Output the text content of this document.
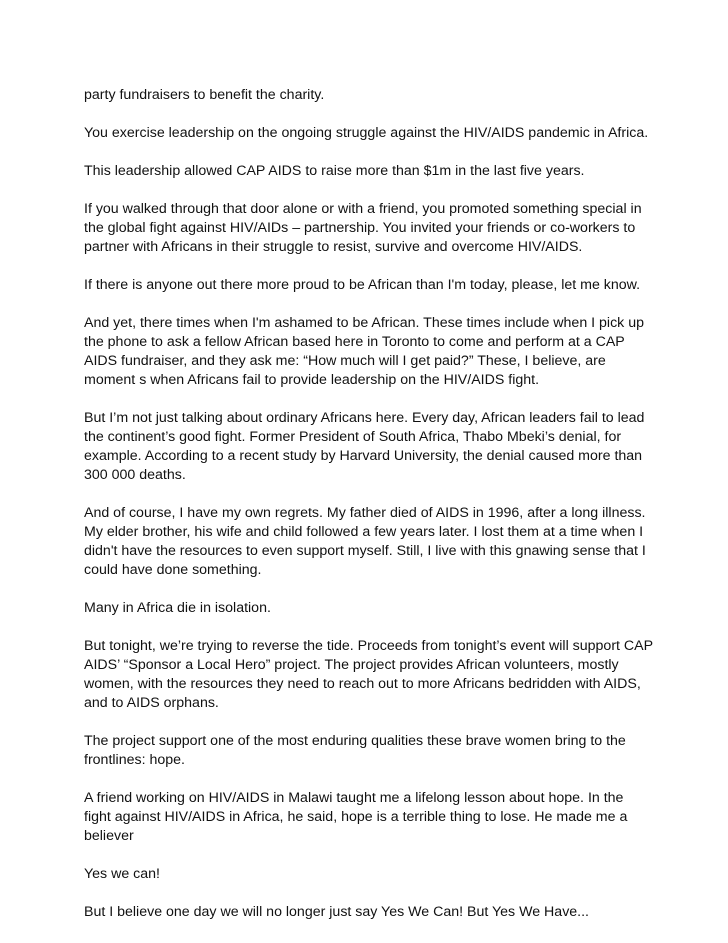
party fundraisers to benefit the charity.

You exercise leadership on the ongoing struggle against the HIV/AIDS pandemic in Africa.

This leadership allowed CAP AIDS to raise more than $1m in the last five years.

If you walked through that door alone or with a friend, you promoted something special in the global fight against HIV/AIDs – partnership. You invited your friends or co-workers to partner with Africans in their struggle to resist, survive and overcome HIV/AIDS.

If there is anyone out there more proud to be African than I'm today, please, let me know.

And yet, there times when I'm ashamed to be African. These times include when I pick up the phone to ask a fellow African based here in Toronto to come and perform at a CAP AIDS fundraiser, and they ask me: “How much will I get paid?” These, I believe, are moment s when Africans fail to provide leadership on the HIV/AIDS fight.

But I’m not just talking about ordinary Africans here. Every day, African leaders fail to lead the continent’s good fight. Former President of South Africa, Thabo Mbeki’s denial, for example. According to a recent study by Harvard University, the denial caused more than 300 000 deaths.

And of course, I have my own regrets. My father died of AIDS in 1996, after a long illness. My elder brother, his wife and child followed a few years later. I lost them at a time when I didn't have the resources to even support myself. Still, I live with this gnawing sense that I could have done something.

Many in Africa die in isolation.

But tonight, we’re trying to reverse the tide. Proceeds from tonight’s event will support CAP AIDS’ “Sponsor a Local Hero” project. The project provides African volunteers, mostly women, with the resources they need to reach out to more Africans bedridden with AIDS, and to AIDS orphans.

The project support one of the most enduring qualities these brave women bring to the frontlines: hope.

A friend working on HIV/AIDS in Malawi taught me a lifelong lesson about hope. In the fight against HIV/AIDS in Africa, he said, hope is a terrible thing to lose. He made me a believer

Yes we can!

But I believe one day we will no longer just say Yes We Can! But Yes We Have...
